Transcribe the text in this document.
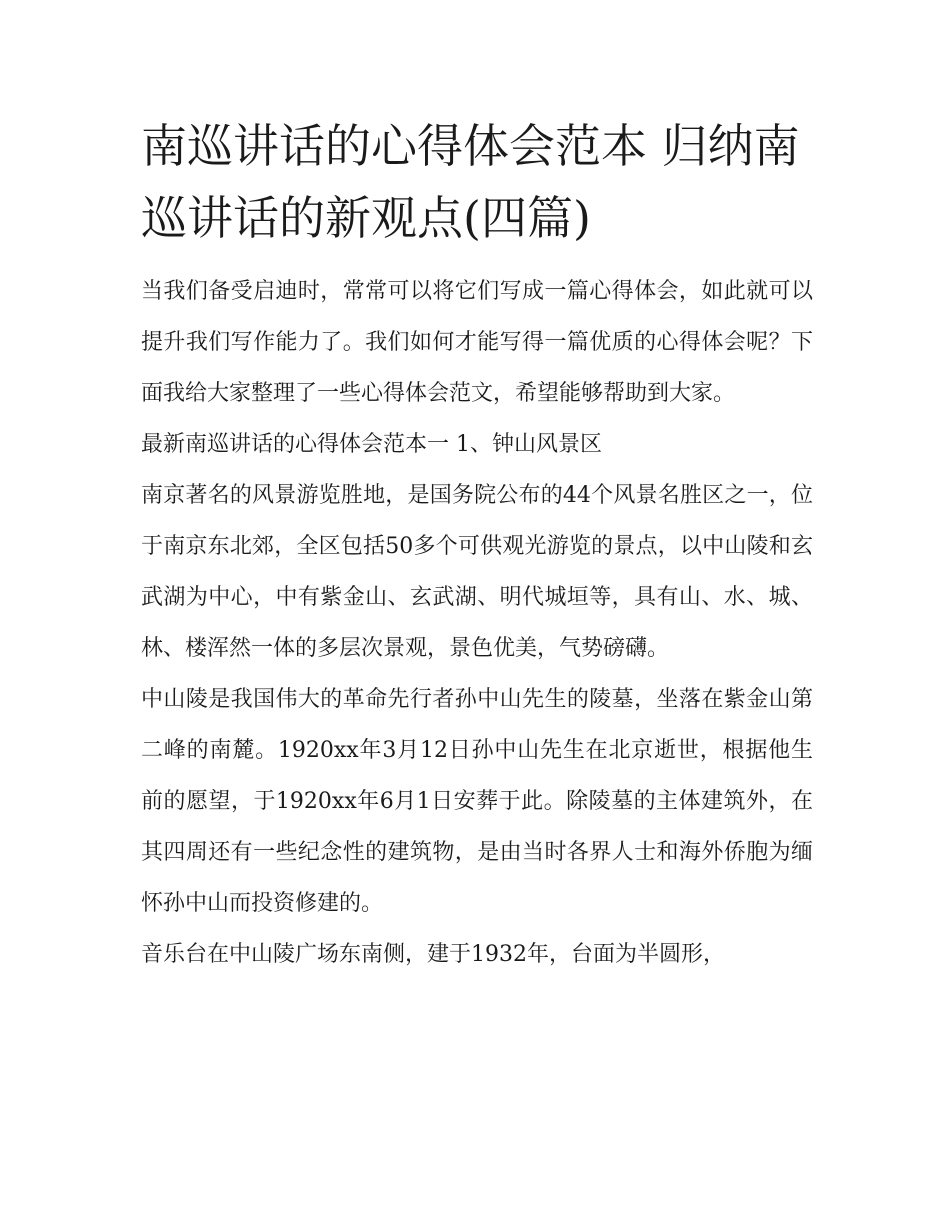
南巡讲话的心得体会范本 归纳南巡讲话的新观点(四篇)

当我们备受启迪时，常常可以将它们写成一篇心得体会，如此就可以提升我们写作能力了。我们如何才能写得一篇优质的心得体会呢？下面我给大家整理了一些心得体会范文，希望能够帮助到大家。

最新南巡讲话的心得体会范本一 1、钟山风景区

南京著名的风景游览胜地，是国务院公布的44个风景名胜区之一，位于南京东北郊，全区包括50多个可供观光游览的景点，以中山陵和玄武湖为中心，中有紫金山、玄武湖、明代城垣等，具有山、水、城、林、楼浑然一体的多层次景观，景色优美，气势磅礴。

中山陵是我国伟大的革命先行者孙中山先生的陵墓，坐落在紫金山第二峰的南麓。1920xx年3月12日孙中山先生在北京逝世，根据他生前的愿望，于1920xx年6月1日安葬于此。除陵墓的主体建筑外，在其四周还有一些纪念性的建筑物，是由当时各界人士和海外侨胞为缅怀孙中山而投资修建的。

音乐台在中山陵广场东南侧，建于1932年，台面为半圆形，
